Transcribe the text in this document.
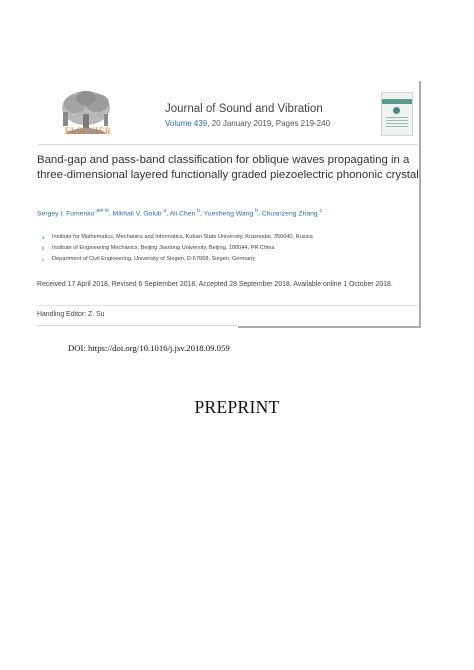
ELSEVIER
Journal of Sound and Vibration
Volume 439, 20 January 2019, Pages 219-240
Band-gap and pass-band classification for oblique waves propagating in a three-dimensional layered functionally graded piezoelectric phononic crystal
Sergey I. Fomenko $^{a✉ ✉}$, Mikhail V. Golub $^a$, Ali Chen $^b$, Yuesheng Wang $^b$, Chuanzeng Zhang $^c$
a Institute for Mathematics, Mechanics and Informatics, Kuban State University, Krasnodar, 350040, Russia
b Institute of Engineering Mechanics, Beijing Jiaotong University, Beijing, 100044, PR China
c Department of Civil Engineering, University of Siegen, D-57068, Siegen, Germany
Received 17 April 2018, Revised 6 September 2018, Accepted 28 September 2018, Available online 1 October 2018.
Handling Editor: Z. Su
DOI: https://doi.org/10.1016/j.jsv.2018.09.059
PREPRINT
